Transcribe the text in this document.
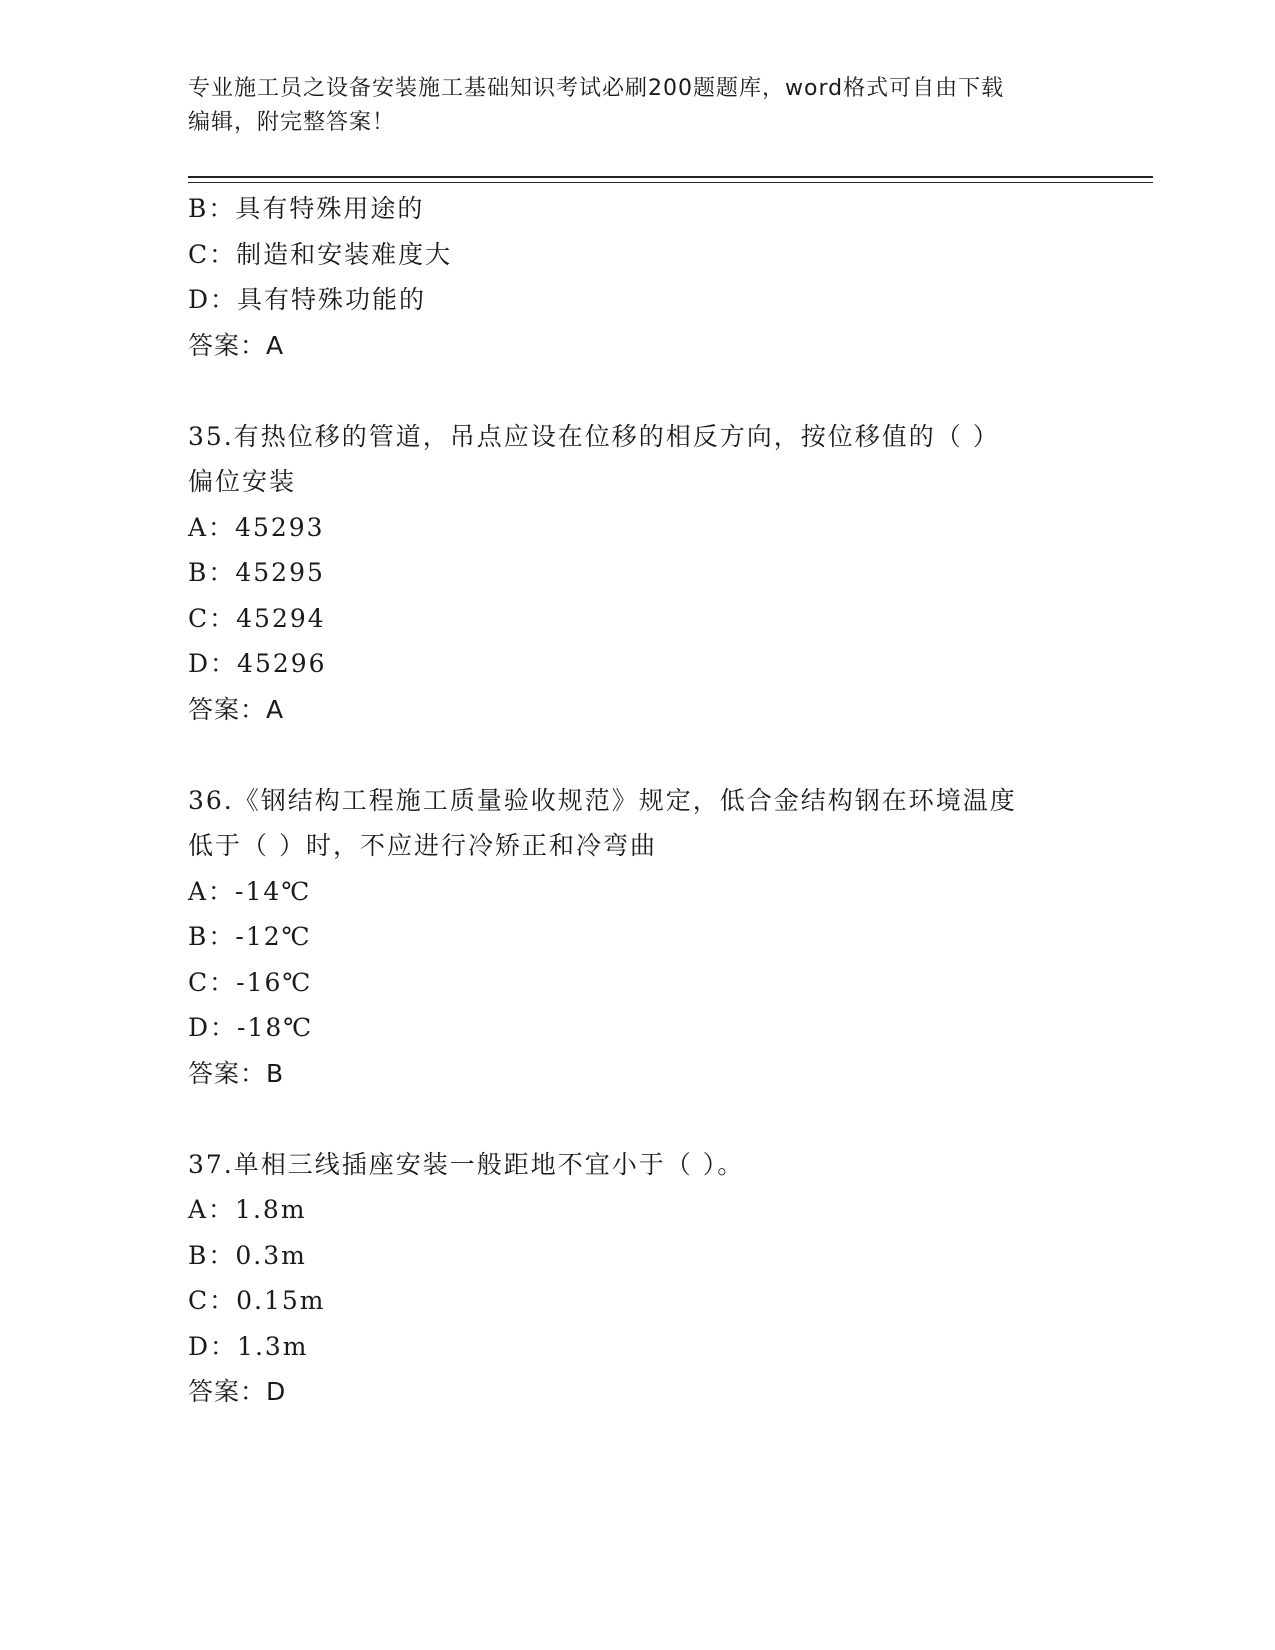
专业施工员之设备安装施工基础知识考试必刷200题题库，word格式可自由下载
编辑，附完整答案！
B：具有特殊用途的
C：制造和安装难度大
D：具有特殊功能的
答案：A
35.有热位移的管道，吊点应设在位移的相反方向，按位移值的（ ）
偏位安装
A：45293
B：45295
C：45294
D：45296
答案：A
36.《钢结构工程施工质量验收规范》规定，低合金结构钢在环境温度
低于（ ）时，不应进行冷矫正和冷弯曲
A：-14℃
B：-12℃
C：-16℃
D：-18℃
答案：B
37.单相三线插座安装一般距地不宜小于（ ）。
A：1.8m
B：0.3m
C：0.15m
D：1.3m
答案：D
